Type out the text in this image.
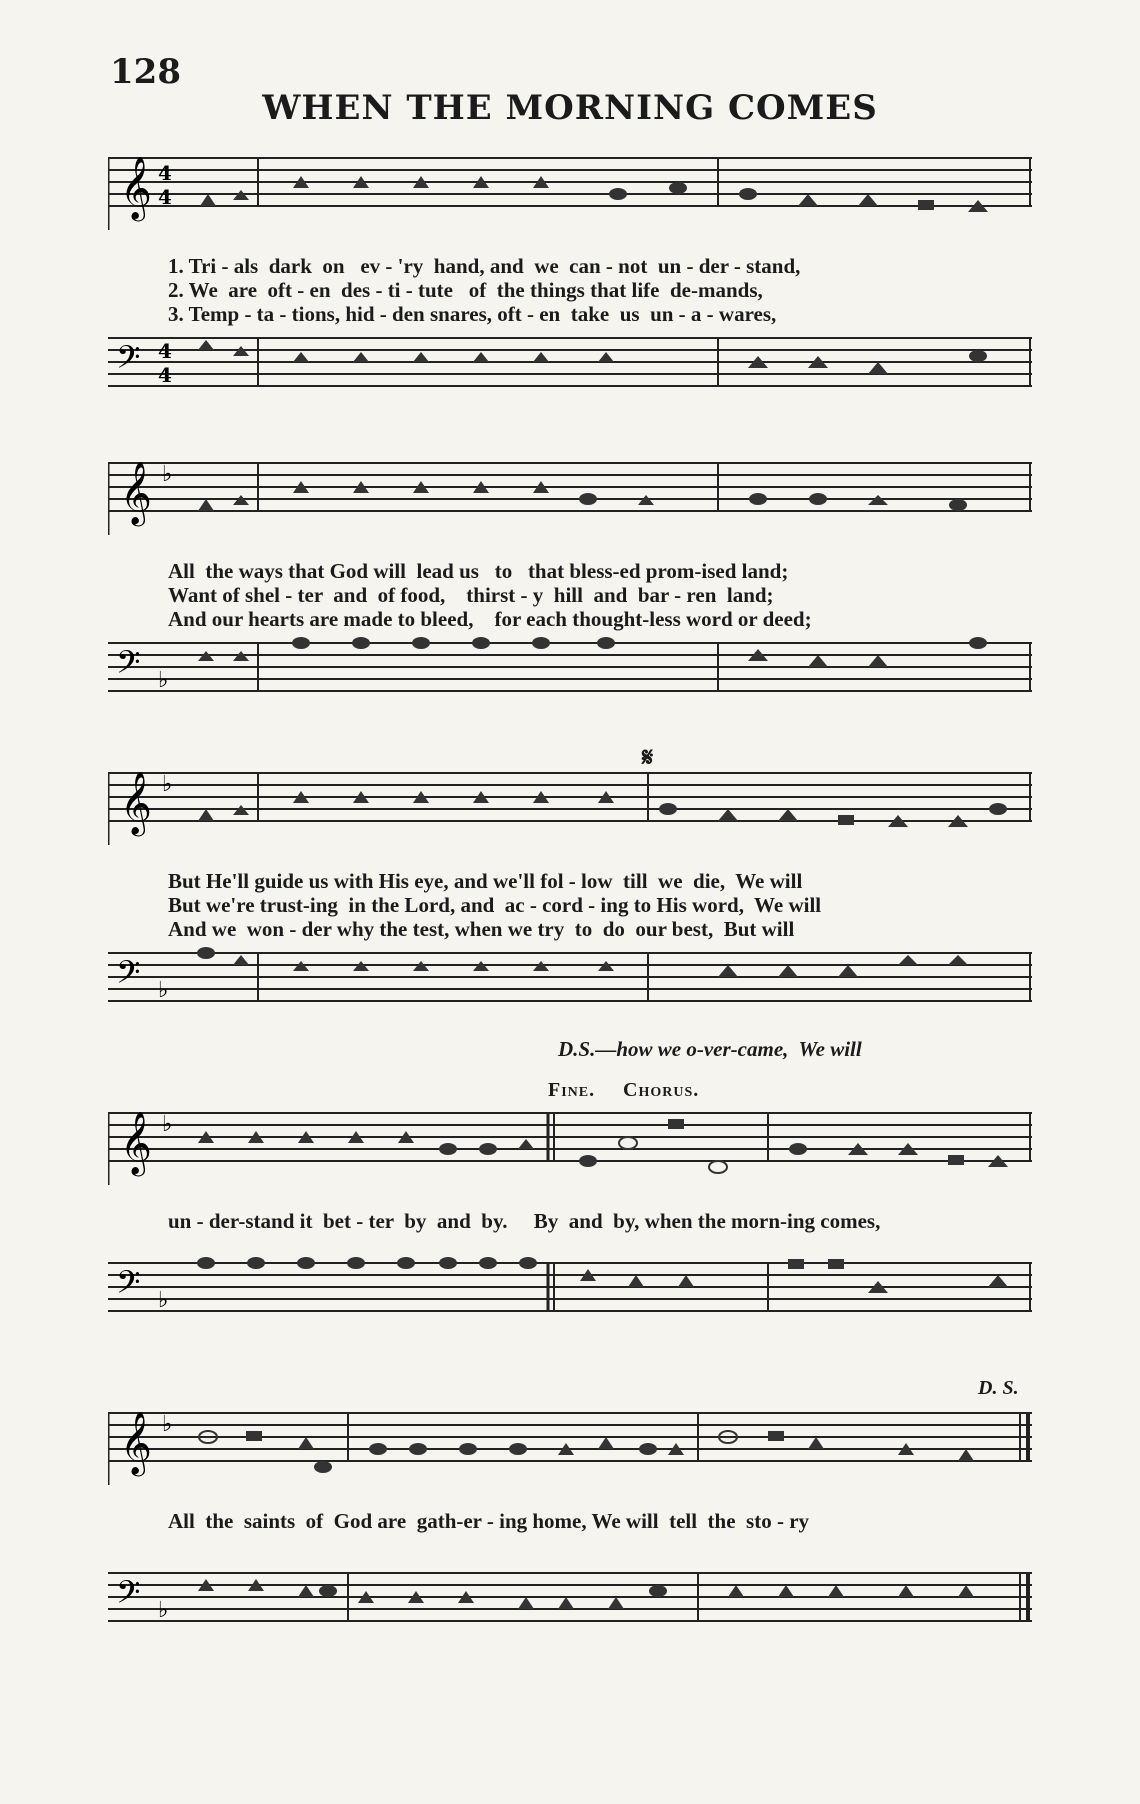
128
WHEN THE MORNING COMES
𝄞 4
4
1. Tri - als  dark  on   ev - 'ry  hand, and  we  can - not  un - der - stand,
2. We  are  oft - en  des - ti - tute   of  the things that life  de-mands,
3. Temp - ta - tions, hid - den snares, oft - en  take  us  un - a - wares,
𝄢 4
4
𝄞 ♭
All  the ways that God will  lead us   to   that bless-ed prom-ised land;
Want of shel - ter  and  of food,    thirst - y  hill  and  bar - ren  land;
And our hearts are made to bleed,    for each thought-less word or deed;
𝄢 ♭
𝄋
𝄞 ♭
But He'll guide us with His eye, and we'll fol - low  till  we  die,  We will
But we're trust-ing  in the Lord, and  ac - cord - ing to His word,  We will
And we  won - der why the test, when we try  to  do  our best,  But will
𝄢 ♭
D.S.—how we o-ver-came,  We will
Fine. Chorus.
𝄞 ♭
un - der-stand it  bet - ter  by  and  by.     By  and  by, when the morn-ing comes,
𝄢 ♭
D. S.
𝄞 ♭
All  the  saints  of  God are  gath-er - ing home, We will  tell  the  sto - ry
𝄢 ♭
